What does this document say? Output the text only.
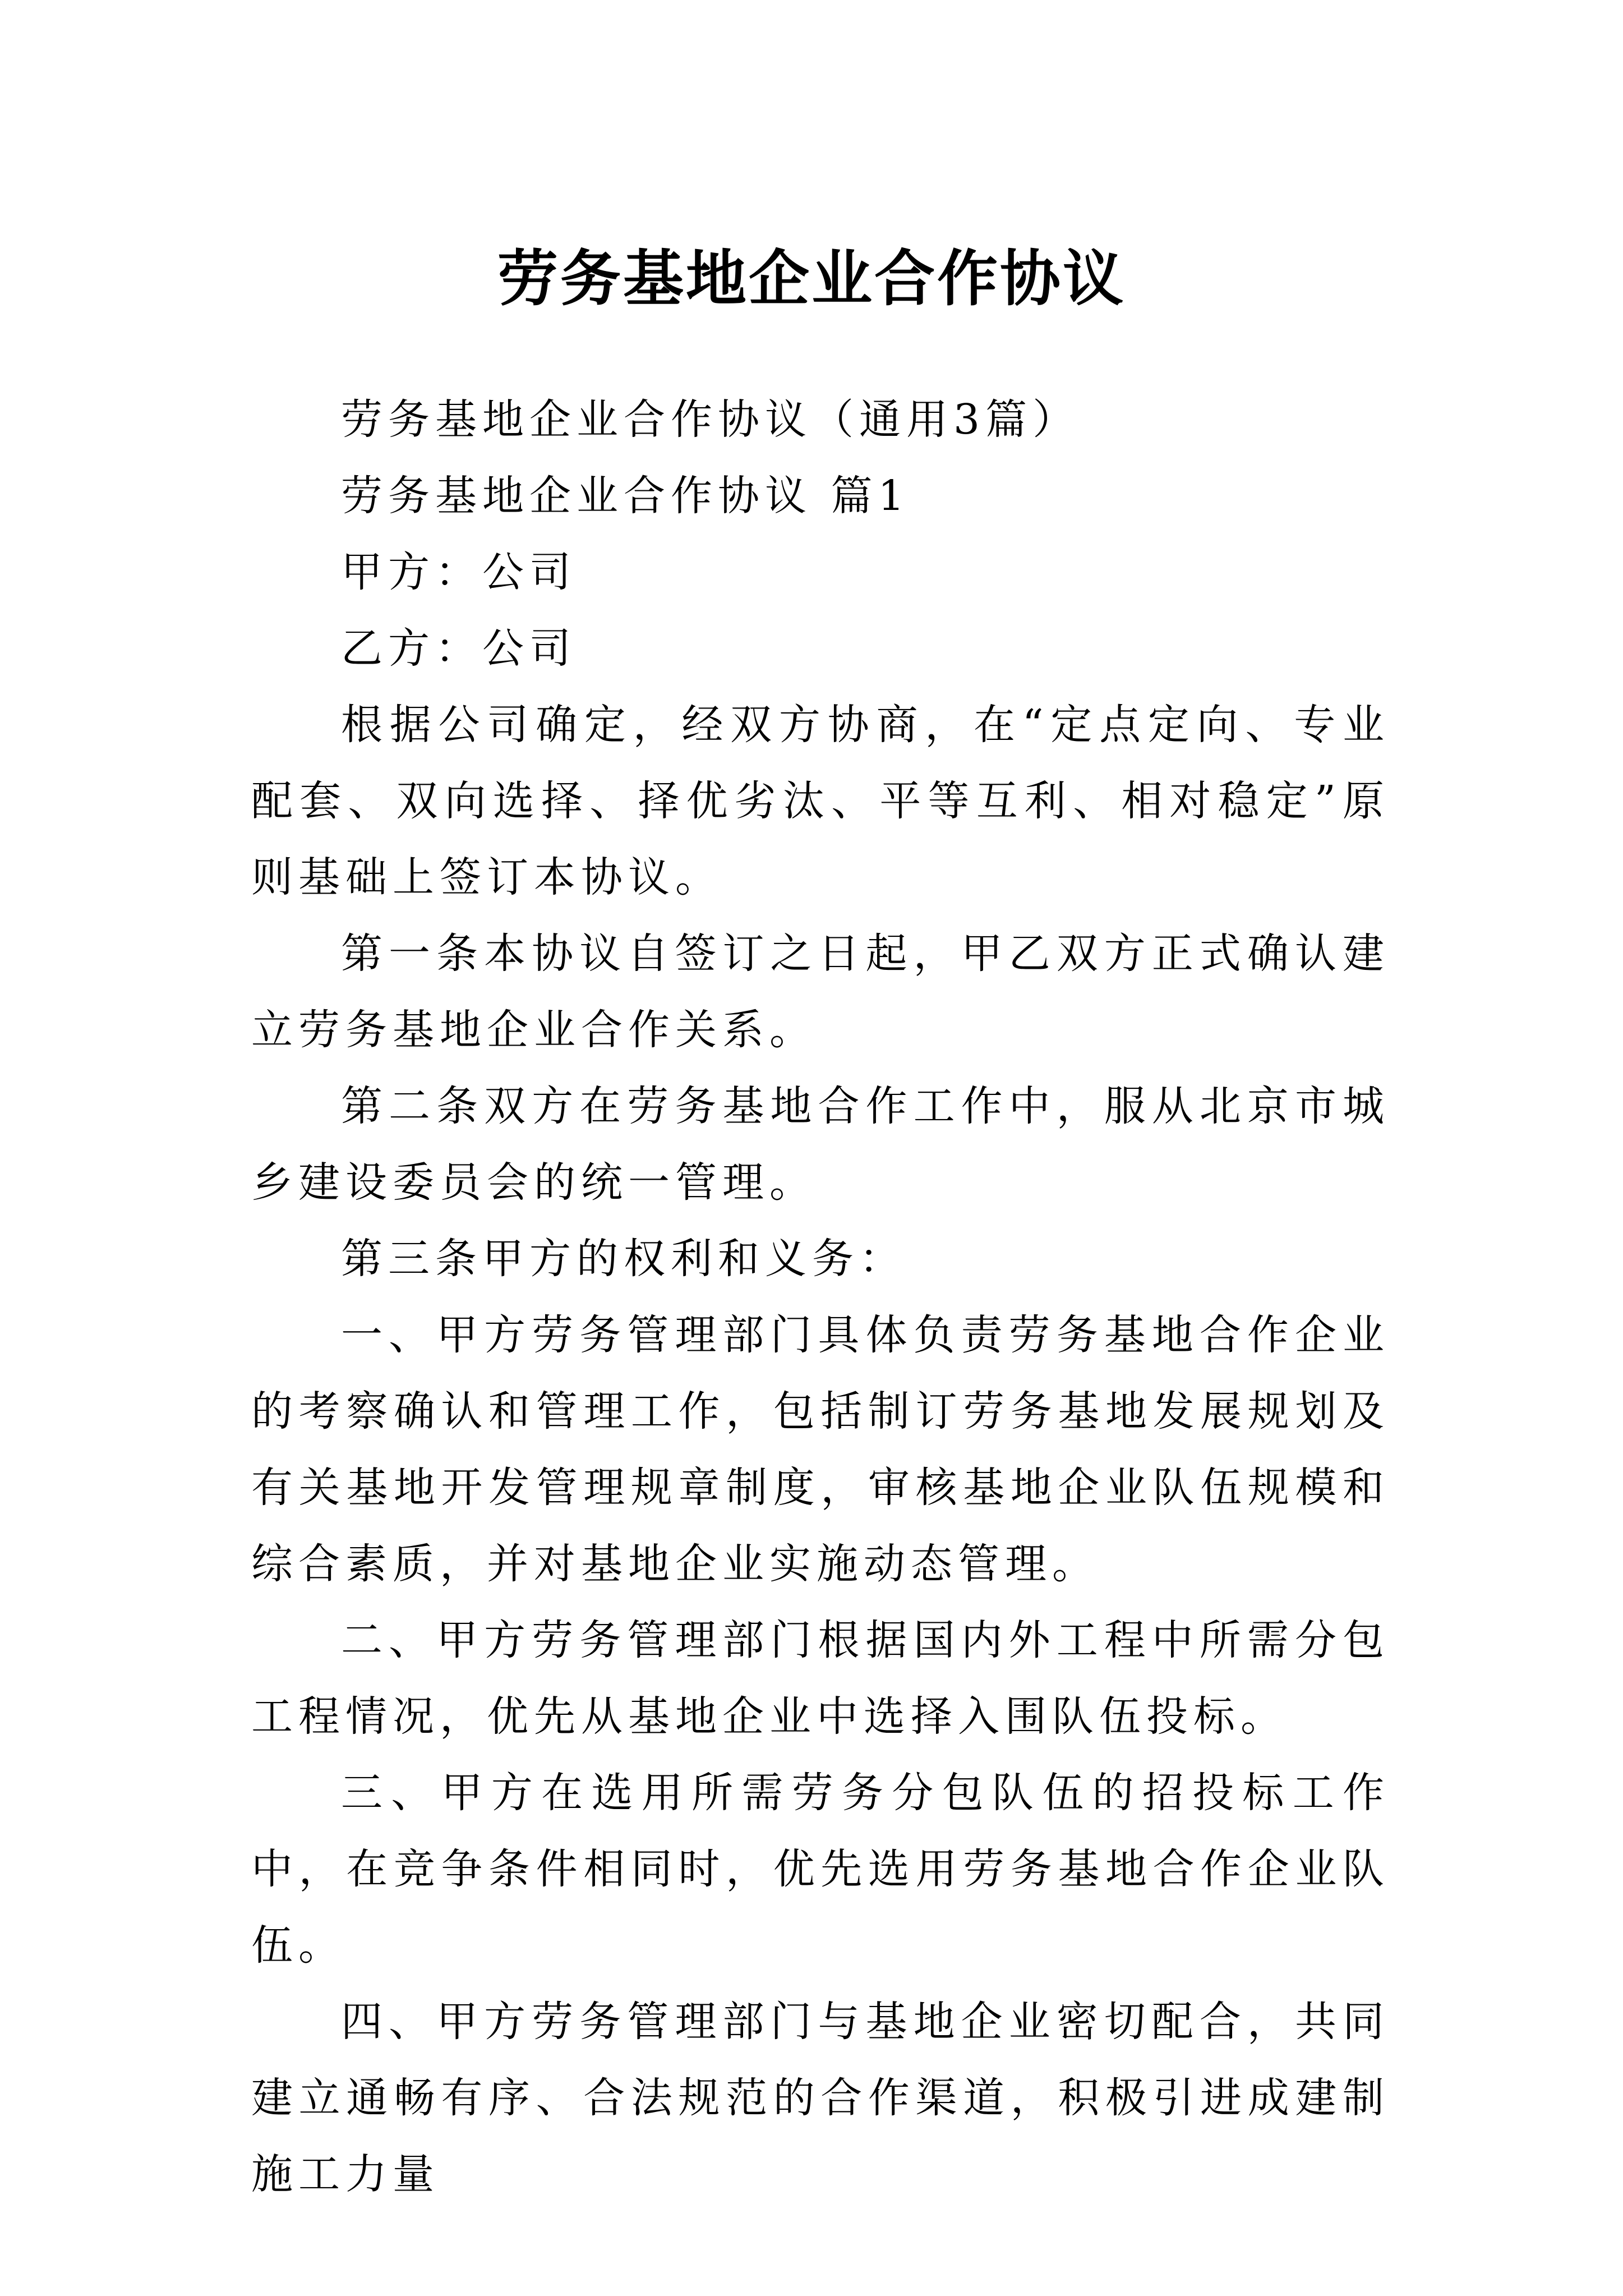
劳务基地企业合作协议

劳务基地企业合作协议（通用3篇）

劳务基地企业合作协议 篇1

甲方：公司

乙方：公司

根据公司确定，经双方协商，在“定点定向、专业配套、双向选择、择优劣汰、平等互利、相对稳定”原则基础上签订本协议。

第一条本协议自签订之日起，甲乙双方正式确认建立劳务基地企业合作关系。

第二条双方在劳务基地合作工作中，服从北京市城乡建设委员会的统一管理。

第三条甲方的权利和义务：

一、甲方劳务管理部门具体负责劳务基地合作企业的考察确认和管理工作，包括制订劳务基地发展规划及有关基地开发管理规章制度，审核基地企业队伍规模和综合素质，并对基地企业实施动态管理。

二、甲方劳务管理部门根据国内外工程中所需分包工程情况，优先从基地企业中选择入围队伍投标。

三、甲方在选用所需劳务分包队伍的招投标工作中，在竞争条件相同时，优先选用劳务基地合作企业队伍。

四、甲方劳务管理部门与基地企业密切配合，共同建立通畅有序、合法规范的合作渠道，积极引进成建制施工力量
